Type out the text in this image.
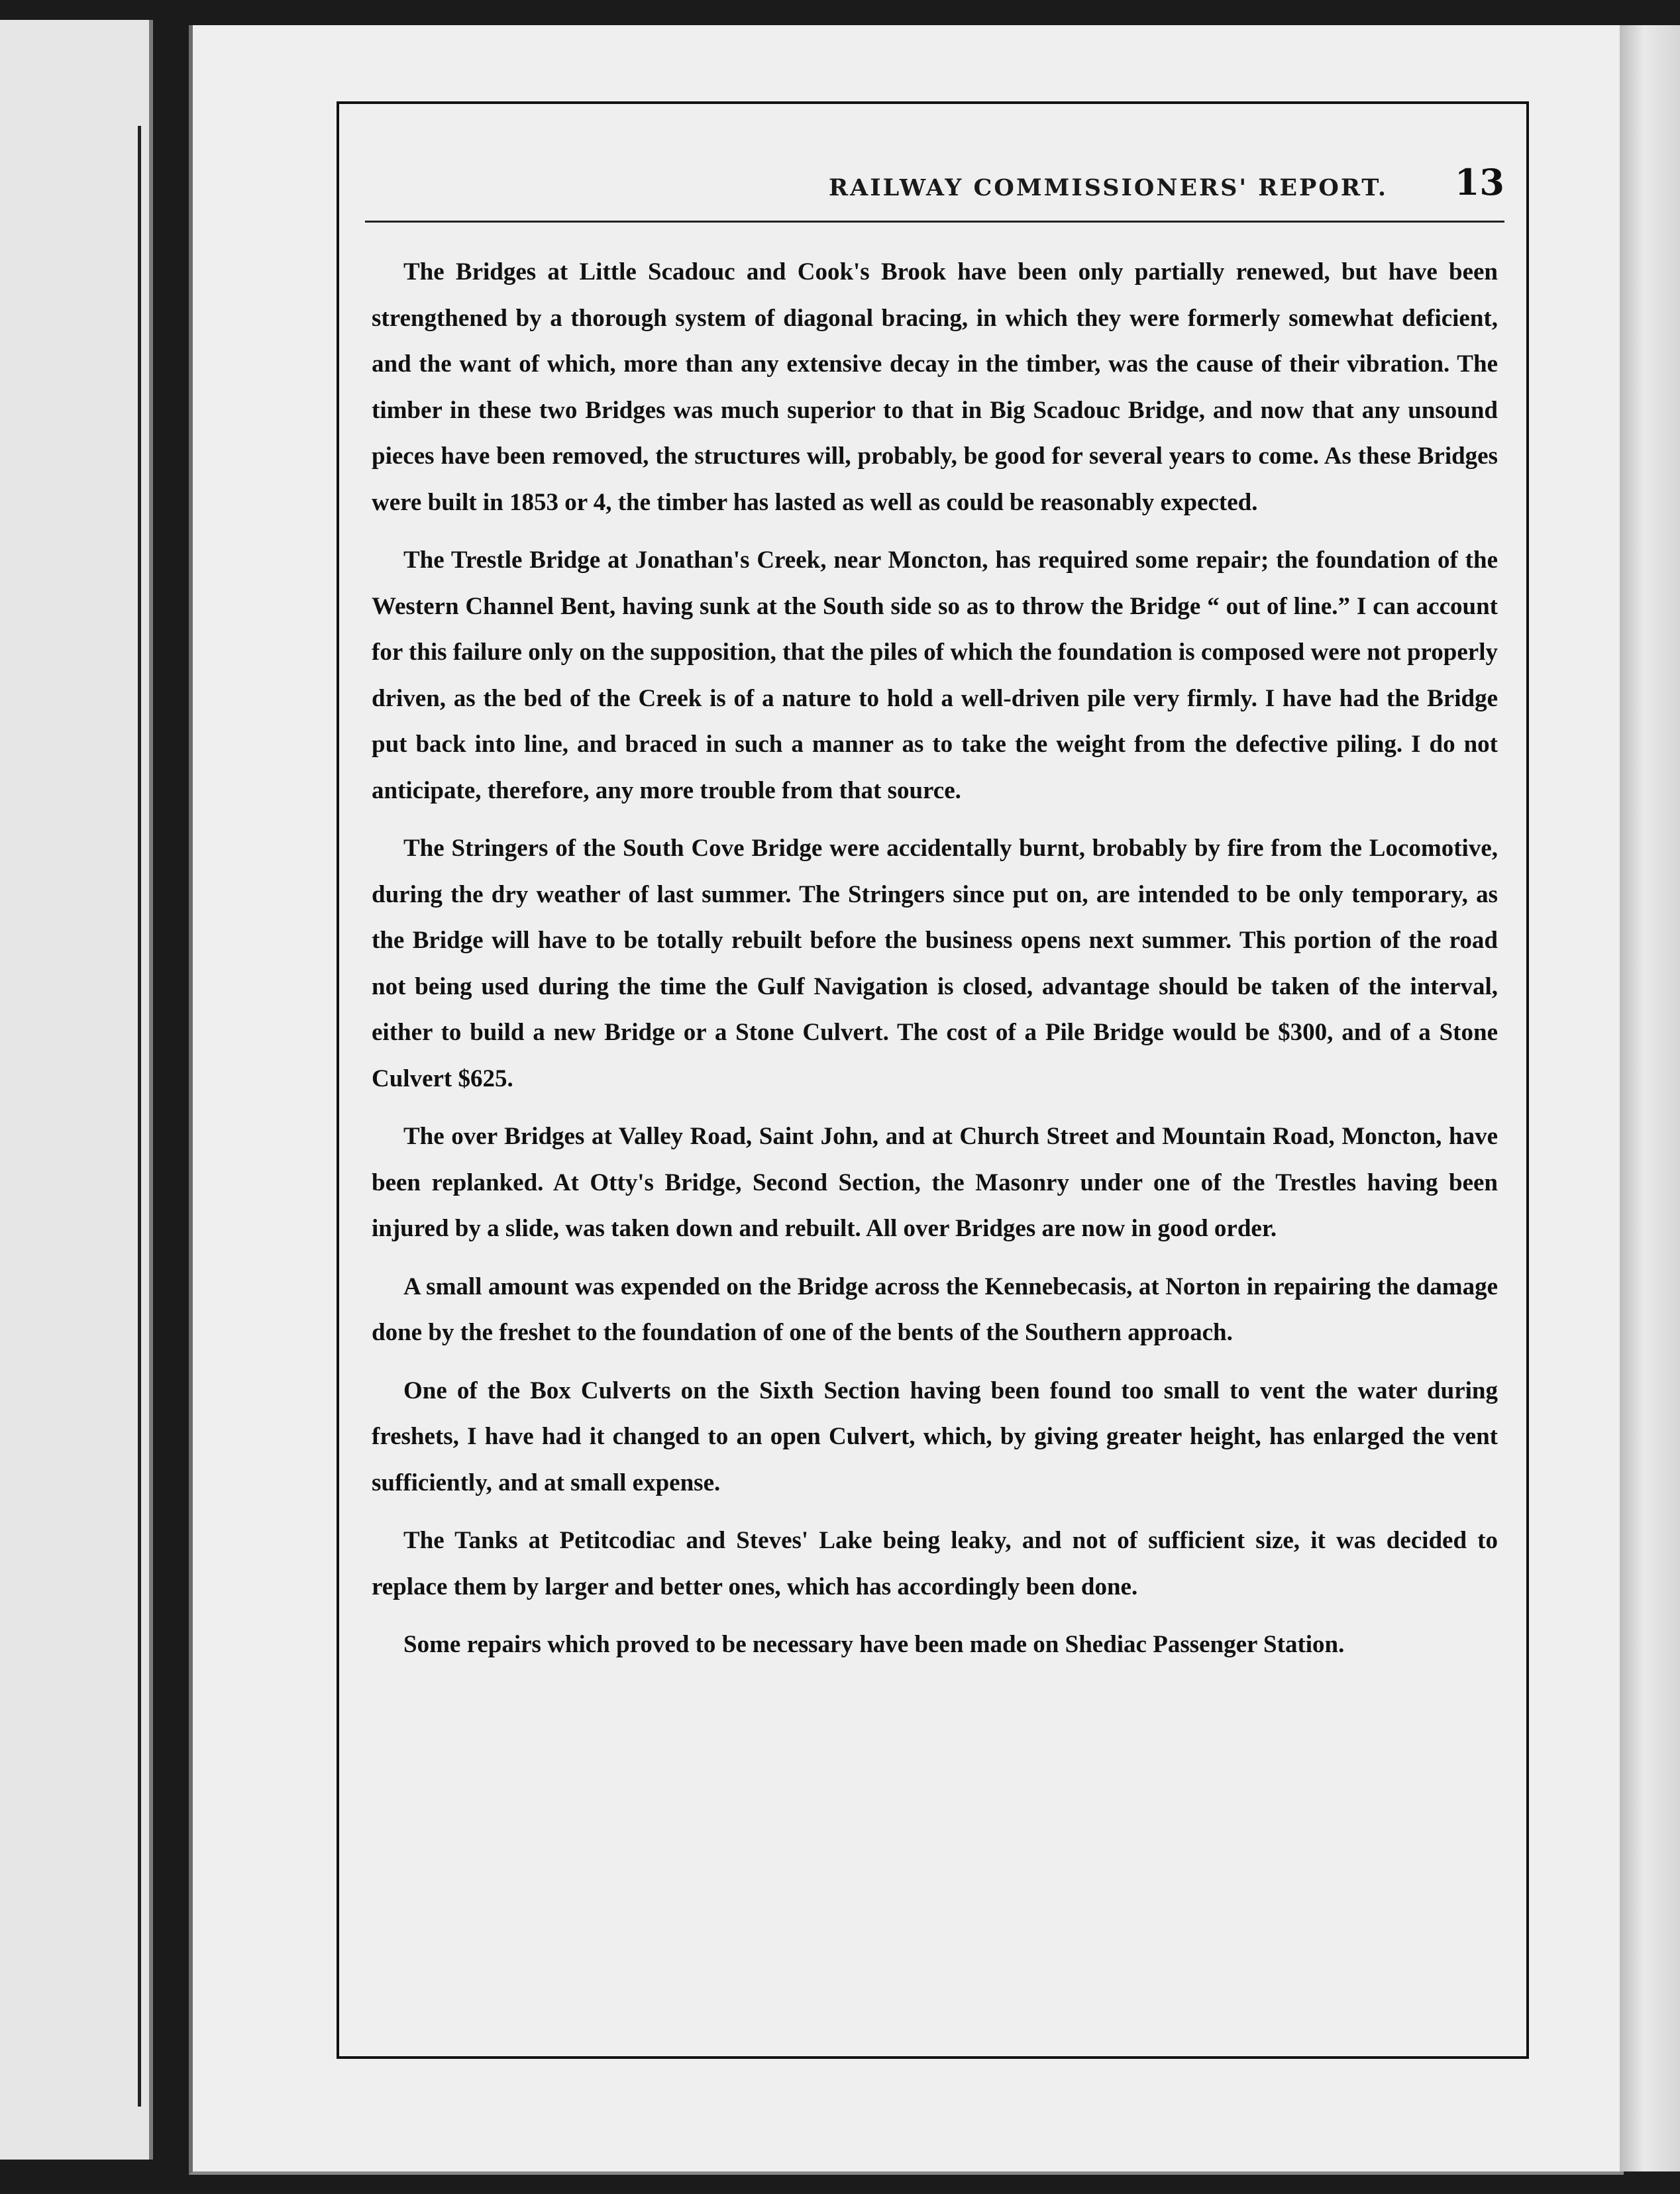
RAILWAY COMMISSIONERS' REPORT. 13

The Bridges at Little Scadouc and Cook's Brook have been only partially renewed, but have been strengthened by a thorough system of diagonal bracing, in which they were formerly somewhat deficient, and the want of which, more than any extensive decay in the timber, was the cause of their vibration. The timber in these two Bridges was much superior to that in Big Scadouc Bridge, and now that any unsound pieces have been removed, the structures will, probably, be good for several years to come. As these Bridges were built in 1853 or 4, the timber has lasted as well as could be reasonably expected.

The Trestle Bridge at Jonathan's Creek, near Moncton, has required some repair; the foundation of the Western Channel Bent, having sunk at the South side so as to throw the Bridge “ out of line.” I can account for this failure only on the supposition, that the piles of which the foundation is composed were not properly driven, as the bed of the Creek is of a nature to hold a well-driven pile very firmly. I have had the Bridge put back into line, and braced in such a manner as to take the weight from the defective piling. I do not anticipate, therefore, any more trouble from that source.

The Stringers of the South Cove Bridge were accidentally burnt, brobably by fire from the Locomotive, during the dry weather of last summer. The Stringers since put on, are intended to be only temporary, as the Bridge will have to be totally rebuilt before the business opens next summer. This portion of the road not being used during the time the Gulf Navigation is closed, advantage should be taken of the interval, either to build a new Bridge or a Stone Culvert. The cost of a Pile Bridge would be $300, and of a Stone Culvert $625.

The over Bridges at Valley Road, Saint John, and at Church Street and Mountain Road, Moncton, have been replanked. At Otty's Bridge, Second Section, the Masonry under one of the Trestles having been injured by a slide, was taken down and rebuilt. All over Bridges are now in good order.

A small amount was expended on the Bridge across the Kennebecasis, at Norton in repairing the damage done by the freshet to the foundation of one of the bents of the Southern approach.

One of the Box Culverts on the Sixth Section having been found too small to vent the water during freshets, I have had it changed to an open Culvert, which, by giving greater height, has enlarged the vent sufficiently, and at small expense.

The Tanks at Petitcodiac and Steves' Lake being leaky, and not of sufficient size, it was decided to replace them by larger and better ones, which has accordingly been done.

Some repairs which proved to be necessary have been made on Shediac Passenger Station.
